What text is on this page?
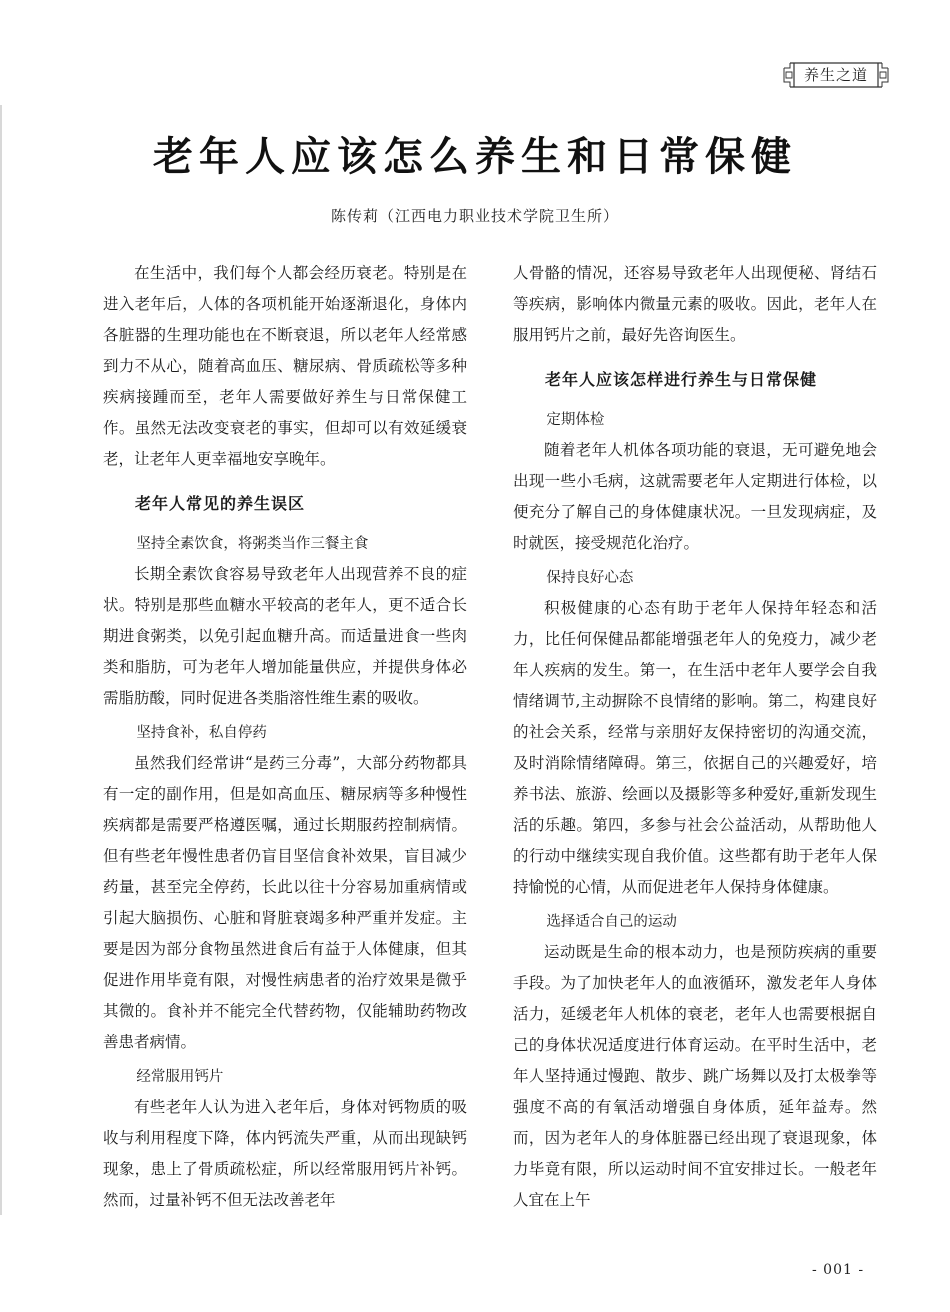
养生之道
老年人应该怎么养生和日常保健
陈传莉（江西电力职业技术学院卫生所）

在生活中，我们每个人都会经历衰老。特别是在进入老年后，人体的各项机能开始逐渐退化，身体内各脏器的生理功能也在不断衰退，所以老年人经常感到力不从心，随着高血压、糖尿病、骨质疏松等多种疾病接踵而至，老年人需要做好养生与日常保健工作。虽然无法改变衰老的事实，但却可以有效延缓衰老，让老年人更幸福地安享晚年。

老年人常见的养生误区
坚持全素饮食，将粥类当作三餐主食

长期全素饮食容易导致老年人出现营养不良的症状。特别是那些血糖水平较高的老年人，更不适合长期进食粥类，以免引起血糖升高。而适量进食一些肉类和脂肪，可为老年人增加能量供应，并提供身体必需脂肪酸，同时促进各类脂溶性维生素的吸收。

坚持食补，私自停药

虽然我们经常讲“是药三分毒”，大部分药物都具有一定的副作用，但是如高血压、糖尿病等多种慢性疾病都是需要严格遵医嘱，通过长期服药控制病情。但有些老年慢性患者仍盲目坚信食补效果，盲目减少药量，甚至完全停药，长此以往十分容易加重病情或引起大脑损伤、心脏和肾脏衰竭多种严重并发症。主要是因为部分食物虽然进食后有益于人体健康，但其促进作用毕竟有限，对慢性病患者的治疗效果是微乎其微的。食补并不能完全代替药物，仅能辅助药物改善患者病情。

经常服用钙片

有些老年人认为进入老年后，身体对钙物质的吸收与利用程度下降，体内钙流失严重，从而出现缺钙现象，患上了骨质疏松症，所以经常服用钙片补钙。然而，过量补钙不但无法改善老年

人骨骼的情况，还容易导致老年人出现便秘、肾结石等疾病，影响体内微量元素的吸收。因此，老年人在服用钙片之前，最好先咨询医生。

老年人应该怎样进行养生与日常保健
定期体检

随着老年人机体各项功能的衰退，无可避免地会出现一些小毛病，这就需要老年人定期进行体检，以便充分了解自己的身体健康状况。一旦发现病症，及时就医，接受规范化治疗。

保持良好心态

积极健康的心态有助于老年人保持年轻态和活力，比任何保健品都能增强老年人的免疫力，减少老年人疾病的发生。第一，在生活中老年人要学会自我情绪调节,主动摒除不良情绪的影响。第二，构建良好的社会关系，经常与亲朋好友保持密切的沟通交流，及时消除情绪障碍。第三，依据自己的兴趣爱好，培养书法、旅游、绘画以及摄影等多种爱好,重新发现生活的乐趣。第四，多参与社会公益活动，从帮助他人的行动中继续实现自我价值。这些都有助于老年人保持愉悦的心情，从而促进老年人保持身体健康。

选择适合自己的运动

运动既是生命的根本动力，也是预防疾病的重要手段。为了加快老年人的血液循环，激发老年人身体活力，延缓老年人机体的衰老，老年人也需要根据自己的身体状况适度进行体育运动。在平时生活中，老年人坚持通过慢跑、散步、跳广场舞以及打太极拳等强度不高的有氧活动增强自身体质，延年益寿。然而，因为老年人的身体脏器已经出现了衰退现象，体力毕竟有限，所以运动时间不宜安排过长。一般老年人宜在上午

- 001 -
